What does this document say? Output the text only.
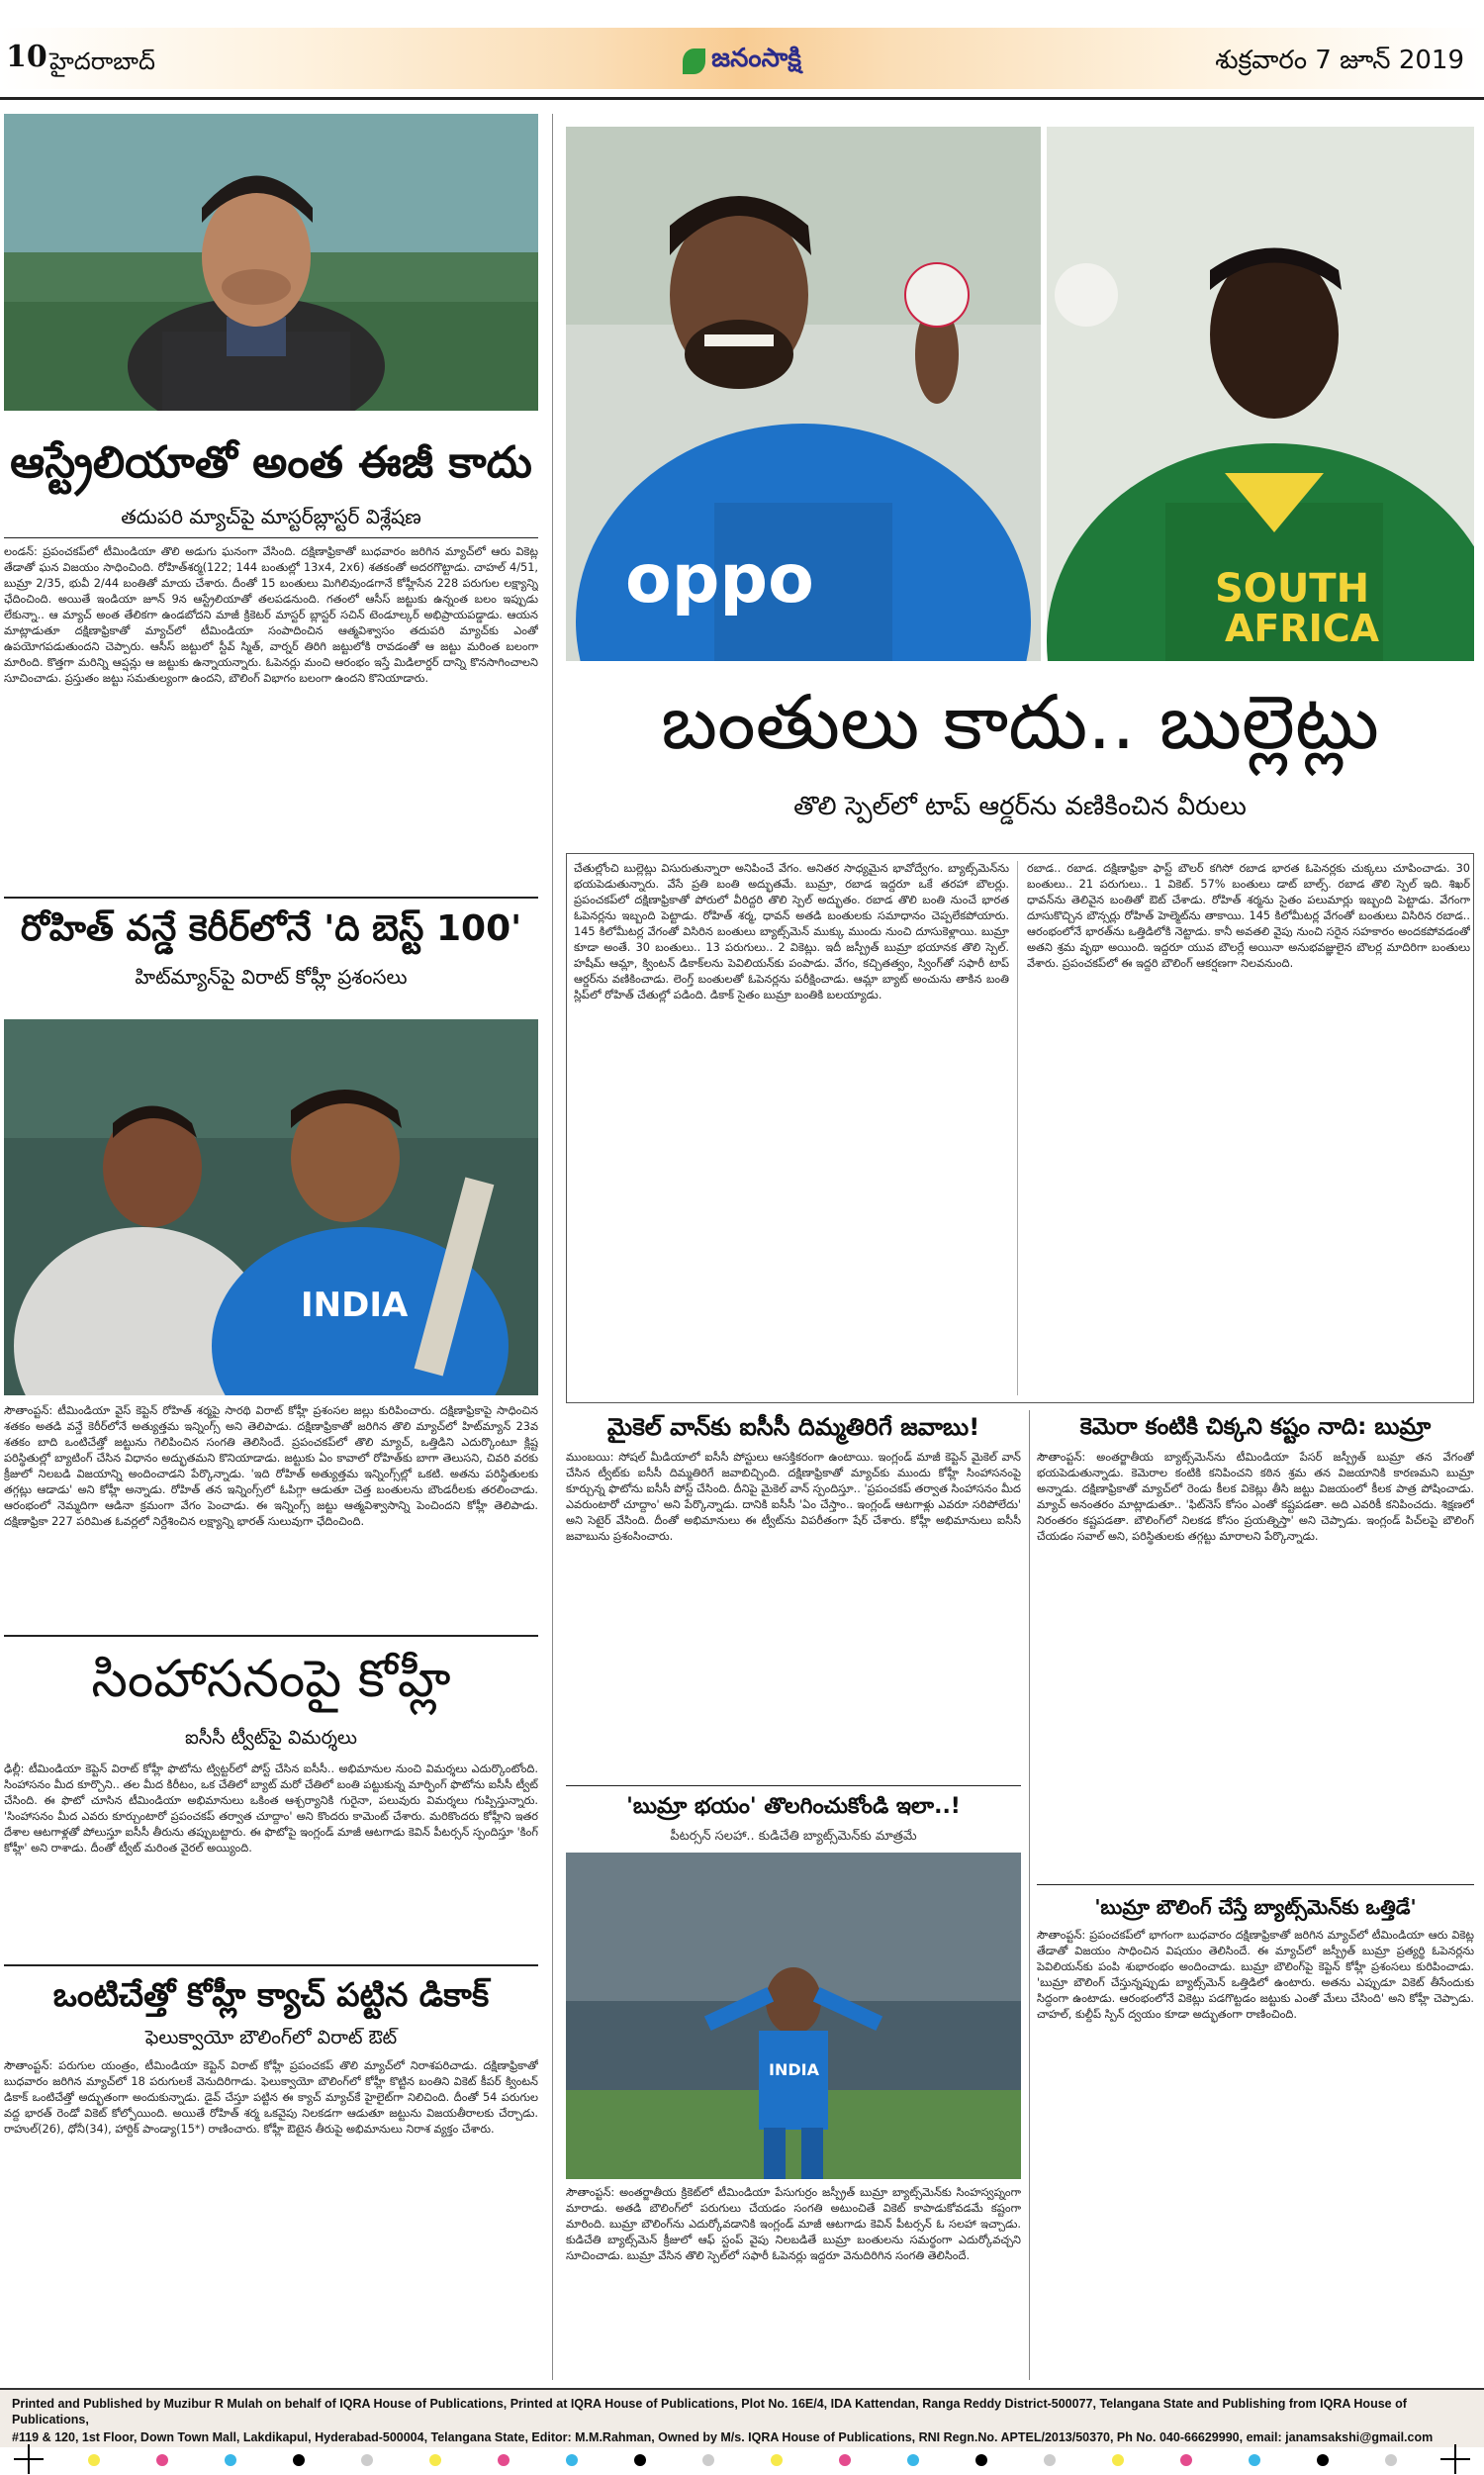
10 హైదరాబాద్	జనంసాక్షి	శుక్రవారం 7 జూన్ 2019
ఆస్ట్రేలియాతో అంత ఈజీ కాదు
తదుపరి మ్యాచ్‌పై మాస్టర్‌బ్లాస్టర్ విశ్లేషణ
లండన్: ప్రపంచకప్‌లో టీమిండియా తొలి అడుగు ఘనంగా వేసింది. దక్షిణాఫ్రికాతో బుధవారం జరిగిన మ్యాచ్‌లో ఆరు వికెట్ల తేడాతో ఘన విజయం సాధించింది. రోహిత్‌శర్మ(122; 144 బంతుల్లో 13x4, 2x6) శతకంతో అదరగొట్టాడు. చాహల్ 4/51, బుమ్రా 2/35, భువీ 2/44 బంతితో మాయ చేశారు. దీంతో 15 బంతులు మిగిలివుండగానే కోహ్లీసేన 228 పరుగుల లక్ష్యాన్ని ఛేదించింది. అయితే ఇండియా జూన్ 9న ఆస్ట్రేలియాతో తలపడనుంది. గతంలో ఆసీస్ జట్టుకు ఉన్నంత బలం ఇప్పుడు లేకున్నా.. ఆ మ్యాచ్ అంత తేలికగా ఉండబోదని మాజీ క్రికెటర్ మాస్టర్ బ్లాస్టర్ సచిన్ టెండూల్కర్ అభిప్రాయపడ్డాడు. ఆయన మాట్లాడుతూ దక్షిణాఫ్రికాతో మ్యాచ్‌లో టీమిండియా సంపాదించిన ఆత్మవిశ్వాసం తదుపరి మ్యాచ్‌కు ఎంతో ఉపయోగపడుతుందని చెప్పారు. ఆసీస్ జట్టులో స్టీవ్ స్మిత్, వార్నర్ తిరిగి జట్టులోకి రావడంతో ఆ జట్టు మరింత బలంగా మారింది. కొత్తగా మరిన్ని ఆప్షన్లు ఆ జట్టుకు ఉన్నాయన్నారు. ఓపెనర్లు మంచి ఆరంభం ఇస్తే మిడిలార్డర్ దాన్ని కొనసాగించాలని సూచించాడు. ప్రస్తుతం జట్టు సమతుల్యంగా ఉందని, బౌలింగ్ విభాగం బలంగా ఉందని కొనియాడారు.
రోహిత్ వన్డే కెరీర్‌లోనే 'ది బెస్ట్ 100'
హిట్‌మ్యాన్‌పై విరాట్ కోహ్లీ ప్రశంసలు
INDIA
సౌతాంప్టన్: టీమిండియా వైస్ కెప్టెన్ రోహిత్ శర్మపై సారథి విరాట్ కోహ్లీ ప్రశంసల జల్లు కురిపించారు. దక్షిణాఫ్రికాపై సాధించిన శతకం అతడి వన్డే కెరీర్‌లోనే అత్యుత్తమ ఇన్నింగ్స్ అని తెలిపాడు. దక్షిణాఫ్రికాతో జరిగిన తొలి మ్యాచ్‌లో హిట్‌మ్యాన్ 23వ శతకం బాది ఒంటిచేత్తో జట్టును గెలిపించిన సంగతి తెలిసిందే. ప్రపంచకప్‌లో తొలి మ్యాచ్, ఒత్తిడిని ఎదుర్కొంటూ క్లిష్ట పరిస్థితుల్లో బ్యాటింగ్ చేసిన విధానం అద్భుతమని కొనియాడాడు. జట్టుకు ఏం కావాలో రోహిత్‌కు బాగా తెలుసని, చివరి వరకు క్రీజులో నిలబడి విజయాన్ని అందించాడని పేర్కొన్నాడు. 'ఇది రోహిత్ అత్యుత్తమ ఇన్నింగ్స్‌ల్లో ఒకటి. అతను పరిస్థితులకు తగ్గట్లు ఆడాడు' అని కోహ్లీ అన్నాడు. రోహిత్ తన ఇన్నింగ్స్‌లో ఓపిగ్గా ఆడుతూ చెత్త బంతులను బౌండరీలకు తరలించాడు. ఆరంభంలో నెమ్మదిగా ఆడినా క్రమంగా వేగం పెంచాడు. ఈ ఇన్నింగ్స్ జట్టు ఆత్మవిశ్వాసాన్ని పెంచిందని కోహ్లీ తెలిపాడు. దక్షిణాఫ్రికా 227 పరిమిత ఓవర్లలో నిర్దేశించిన లక్ష్యాన్ని భారత్ సులువుగా ఛేదించింది.
సింహాసనంపై కోహ్లీ
ఐసీసీ ట్వీట్‌పై విమర్శలు
ఢిల్లీ: టీమిండియా కెప్టెన్ విరాట్ కోహ్లీ ఫొటోను ట్విట్టర్‌లో పోస్ట్ చేసిన ఐసీసీ.. అభిమానుల నుంచి విమర్శలు ఎదుర్కొంటోంది. సింహాసనం మీద కూర్చొని.. తల మీద కిరీటం, ఒక చేతిలో బ్యాట్ మరో చేతిలో బంతి పట్టుకున్న మార్ఫింగ్ ఫొటోను ఐసీసీ ట్వీట్ చేసింది. ఈ ఫొటో చూసిన టీమిండియా అభిమానులు ఒకింత ఆశ్చర్యానికి గురైనా, పలువురు విమర్శలు గుప్పిస్తున్నారు. 'సింహాసనం మీద ఎవరు కూర్చుంటారో ప్రపంచకప్ తర్వాత చూద్దాం' అని కొందరు కామెంట్ చేశారు. మరికొందరు కోహ్లీని ఇతర దేశాల ఆటగాళ్లతో పోలుస్తూ ఐసీసీ తీరును తప్పుబట్టారు. ఈ ఫొటోపై ఇంగ్లండ్ మాజీ ఆటగాడు కెవిన్ పీటర్సన్ స్పందిస్తూ 'కింగ్ కోహ్లీ' అని రాశాడు. దీంతో ట్వీట్ మరింత వైరల్ అయ్యింది.
ఒంటిచేత్తో కోహ్లీ క్యాచ్ పట్టిన డికాక్
ఫెలుక్వాయో బౌలింగ్‌లో విరాట్ ఔట్
సౌతాంప్టన్: పరుగుల యంత్రం, టీమిండియా కెప్టెన్ విరాట్ కోహ్లీ ప్రపంచకప్ తొలి మ్యాచ్‌లో నిరాశపరిచాడు. దక్షిణాఫ్రికాతో బుధవారం జరిగిన మ్యాచ్‌లో 18 పరుగులకే వెనుదిరిగాడు. ఫెలుక్వాయో బౌలింగ్‌లో కోహ్లీ కొట్టిన బంతిని వికెట్ కీపర్ క్వింటన్ డికాక్ ఒంటిచేత్తో అద్భుతంగా అందుకున్నాడు. డైవ్ చేస్తూ పట్టిన ఈ క్యాచ్ మ్యాచ్‌కే హైలైట్‌గా నిలిచింది. దీంతో 54 పరుగుల వద్ద భారత్ రెండో వికెట్ కోల్పోయింది. అయితే రోహిత్ శర్మ ఒకవైపు నిలకడగా ఆడుతూ జట్టును విజయతీరాలకు చేర్చాడు. రాహుల్(26), ధోనీ(34), హార్దిక్ పాండ్యా(15*) రాణించారు. కోహ్లీ ఔటైన తీరుపై అభిమానులు నిరాశ వ్యక్తం చేశారు.
oppo	SOUTH
AFRICA
బంతులు కాదు.. బుల్లెట్లు
తొలి స్పెల్‌లో టాప్ ఆర్డర్‌ను వణికించిన వీరులు
చేతుల్లోంచి బుల్లెట్లు విసురుతున్నారా అనిపించే వేగం. అనితర సాధ్యమైన భావోద్వేగం. బ్యాట్స్‌మెన్‌ను భయపెడుతున్నారు. వేసే ప్రతి బంతి అద్భుతమే. బుమ్రా, రబాడ ఇద్దరూ ఒకే తరహా బౌలర్లు. ప్రపంచకప్‌లో దక్షిణాఫ్రికాతో పోరులో వీరిద్దరి తొలి స్పెల్ అద్భుతం. రబాడ తొలి బంతి నుంచే భారత ఓపెనర్లను ఇబ్బంది పెట్టాడు. రోహిత్ శర్మ, ధావన్ అతడి బంతులకు సమాధానం చెప్పలేకపోయారు. 145 కిలోమీటర్ల వేగంతో విసిరిన బంతులు బ్యాట్స్‌మెన్ ముక్కు ముందు నుంచి దూసుకెళ్లాయి. బుమ్రా కూడా అంతే. 30 బంతులు.. 13 పరుగులు.. 2 వికెట్లు. ఇదీ జస్ప్రీత్ బుమ్రా భయానక తొలి స్పెల్. హషీమ్ ఆమ్లా, క్వింటన్ డికాక్‌లను పెవిలియన్‌కు పంపాడు. వేగం, కచ్చితత్వం, స్వింగ్‌తో సఫారీ టాప్ ఆర్డర్‌ను వణికించాడు. లెంగ్త్ బంతులతో ఓపెనర్లను పరీక్షించాడు. ఆమ్లా బ్యాట్ అంచును తాకిన బంతి స్లిప్‌లో రోహిత్ చేతుల్లో పడింది. డికాక్ సైతం బుమ్రా బంతికి బలయ్యాడు.
రబాడ.. రబాడ. దక్షిణాఫ్రికా ఫాస్ట్ బౌలర్ కగిసో రబాడ భారత ఓపెనర్లకు చుక్కలు చూపించాడు. 30 బంతులు.. 21 పరుగులు.. 1 వికెట్. 57% బంతులు డాట్ బాల్స్. రబాడ తొలి స్పెల్ ఇది. శిఖర్ ధావన్‌ను తెలివైన బంతితో ఔట్ చేశాడు. రోహిత్ శర్మను సైతం పలుమార్లు ఇబ్బంది పెట్టాడు. వేగంగా దూసుకొచ్చిన బౌన్సర్లు రోహిత్ హెల్మెట్‌ను తాకాయి. 145 కిలోమీటర్ల వేగంతో బంతులు విసిరిన రబాడ.. ఆరంభంలోనే భారత్‌ను ఒత్తిడిలోకి నెట్టాడు. కానీ అవతలి వైపు నుంచి సరైన సహకారం అందకపోవడంతో అతని శ్రమ వృథా అయింది. ఇద్దరూ యువ బౌలర్లే అయినా అనుభవజ్ఞులైన బౌలర్ల మాదిరిగా బంతులు వేశారు. ప్రపంచకప్‌లో ఈ ఇద్దరి బౌలింగ్ ఆకర్షణగా నిలవనుంది.
మైకెల్ వాన్‌కు ఐసీసీ దిమ్మతిరిగే జవాబు!
ముంబయి: సోషల్ మీడియాలో ఐసీసీ పోస్టులు ఆసక్తికరంగా ఉంటాయి. ఇంగ్లండ్ మాజీ కెప్టెన్ మైకెల్ వాన్ చేసిన ట్వీట్‌కు ఐసీసీ దిమ్మతిరిగే జవాబిచ్చింది. దక్షిణాఫ్రికాతో మ్యాచ్‌కు ముందు కోహ్లీ సింహాసనంపై కూర్చున్న ఫొటోను ఐసీసీ పోస్ట్ చేసింది. దీనిపై మైకెల్ వాన్ స్పందిస్తూ.. 'ప్రపంచకప్ తర్వాత సింహాసనం మీద ఎవరుంటారో చూద్దాం' అని పేర్కొన్నాడు. దానికి ఐసీసీ 'ఏం చేస్తాం.. ఇంగ్లండ్ ఆటగాళ్లు ఎవరూ సరిపోలేదు' అని సెటైర్ వేసింది. దీంతో అభిమానులు ఈ ట్వీట్‌ను విపరీతంగా షేర్ చేశారు. కోహ్లీ అభిమానులు ఐసీసీ జవాబును ప్రశంసించారు.
'బుమ్రా భయం' తొలగించుకోండి ఇలా..!
పీటర్సన్ సలహా.. కుడిచేతి బ్యాట్స్‌మెన్‌కు మాత్రమే
INDIA
సౌతాంప్టన్: అంతర్జాతీయ క్రికెట్‌లో టీమిండియా పేసుగుర్రం జస్ప్రీత్ బుమ్రా బ్యాట్స్‌మెన్‌కు సింహస్వప్నంగా మారాడు. అతడి బౌలింగ్‌లో పరుగులు చేయడం సంగతి అటుంచితే వికెట్ కాపాడుకోవడమే కష్టంగా మారింది. బుమ్రా బౌలింగ్‌ను ఎదుర్కోవడానికి ఇంగ్లండ్ మాజీ ఆటగాడు కెవిన్ పీటర్సన్ ఓ సలహా ఇచ్చాడు. కుడిచేతి బ్యాట్స్‌మెన్ క్రీజులో ఆఫ్‌ స్టంప్ వైపు నిలబడితే బుమ్రా బంతులను సమర్థంగా ఎదుర్కోవచ్చని సూచించాడు. బుమ్రా వేసిన తొలి స్పెల్‌లో సఫారీ ఓపెనర్లు ఇద్దరూ వెనుదిరిగిన సంగతి తెలిసిందే.
కెమెరా కంటికి చిక్కని కష్టం నాది: బుమ్రా
సౌతాంప్టన్: అంతర్జాతీయ బ్యాట్స్‌మెన్‌ను టీమిండియా పేసర్ జస్ప్రీత్ బుమ్రా తన వేగంతో భయపెడుతున్నాడు. కెమెరాల కంటికి కనిపించని కఠిన శ్రమ తన విజయానికి కారణమని బుమ్రా అన్నాడు. దక్షిణాఫ్రికాతో మ్యాచ్‌లో రెండు కీలక వికెట్లు తీసి జట్టు విజయంలో కీలక పాత్ర పోషించాడు. మ్యాచ్ అనంతరం మాట్లాడుతూ.. 'ఫిట్‌నెస్ కోసం ఎంతో కష్టపడతా. అది ఎవరికీ కనిపించదు. శిక్షణలో నిరంతరం కష్టపడతా. బౌలింగ్‌లో నిలకడ కోసం ప్రయత్నిస్తా' అని చెప్పాడు. ఇంగ్లండ్ పిచ్‌లపై బౌలింగ్ చేయడం సవాల్ అని, పరిస్థితులకు తగ్గట్టు మారాలని పేర్కొన్నాడు.
'బుమ్రా బౌలింగ్ చేస్తే బ్యాట్స్‌మెన్‌కు ఒత్తిడే'
సౌతాంప్టన్: ప్రపంచకప్‌లో భాగంగా బుధవారం దక్షిణాఫ్రికాతో జరిగిన మ్యాచ్‌లో టీమిండియా ఆరు వికెట్ల తేడాతో విజయం సాధించిన విషయం తెలిసిందే. ఈ మ్యాచ్‌లో జస్ప్రీత్ బుమ్రా ప్రత్యర్థి ఓపెనర్లను పెవిలియన్‌కు పంపి శుభారంభం అందించాడు. బుమ్రా బౌలింగ్‌పై కెప్టెన్ కోహ్లీ ప్రశంసలు కురిపించాడు. 'బుమ్రా బౌలింగ్ చేస్తున్నప్పుడు బ్యాట్స్‌మెన్ ఒత్తిడిలో ఉంటారు. అతను ఎప్పుడూ వికెట్ తీసేందుకు సిద్ధంగా ఉంటాడు. ఆరంభంలోనే వికెట్లు పడగొట్టడం జట్టుకు ఎంతో మేలు చేసింది' అని కోహ్లీ చెప్పాడు. చాహల్, కుల్దీప్ స్పిన్ ద్వయం కూడా అద్భుతంగా రాణించింది.

Printed and Published by Muzibur R Mulah on behalf of IQRA House of Publications, Printed at IQRA House of Publications, Plot No. 16E/4, IDA Kattendan, Ranga Reddy District-500077, Telangana State and Publishing from IQRA House of Publications,

#119 & 120, 1st Floor, Down Town Mall, Lakdikapul, Hyderabad-500004, Telangana State, Editor: M.M.Rahman, Owned by M/s. IQRA House of Publications, RNI Regn.No. APTEL/2013/50370, Ph No. 040-66629990, email: janamsakshi@gmail.com
